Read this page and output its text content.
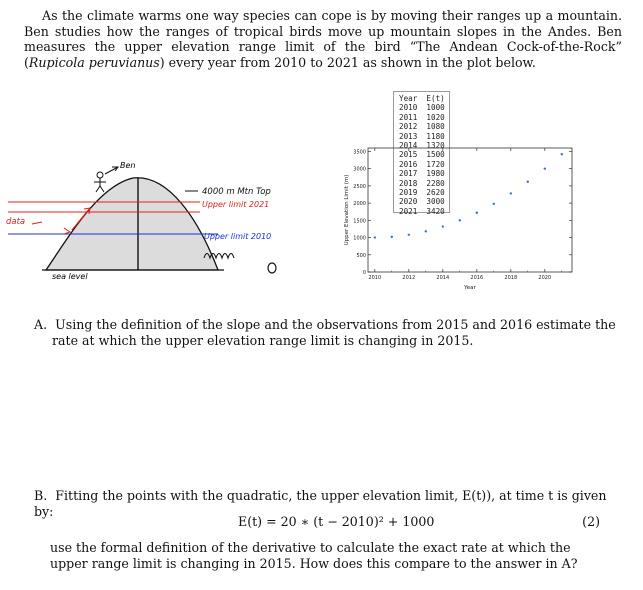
As the climate warms one way species can cope is by moving their ranges up a mountain. Ben studies how the ranges of tropical birds move up mountain slopes in the Andes. Ben measures the upper elevation range limit of the bird “The Andean Cock-of-the-Rock” (Rupicola peruvianus) every year from 2010 to 2021 as shown in the plot below.
Ben
4000 m Mtn Top
Upper limit 2021
Upper limit 2010
data
sea level
Year  E(t)
2010  1000
2011  1020
2012  1080
2013  1180
2014  1320
2015  1500
2016  1720
2017  1980
2018  2280
2019  2620
2020  3000
2021  3420
0
500
1000
1500
2000
2500
3000
3500
2010	2012	2014	2016	2018	2020
Year
Upper Elevation Limit (m)
A. Using the definition of the slope and the observations from 2015 and 2016 estimate the rate at which the upper elevation range limit is changing in 2015.
B. Fitting the points with the quadratic, the upper elevation limit, E(t)), at time t is given by:
E(t) = 20 ∗ (t − 2010)² + 1000	(2)
use the formal definition of the derivative to calculate the exact rate at which the upper range limit is changing in 2015. How does this compare to the answer in A?
